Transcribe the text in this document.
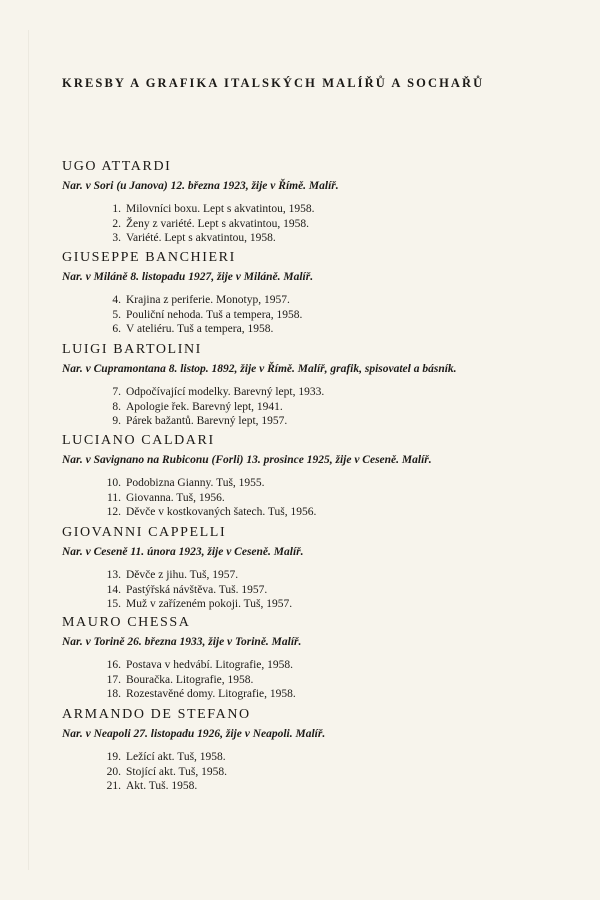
KRESBY A GRAFIKA ITALSKÝCH MALÍŘŮ A SOCHAŘŮ
UGO ATTARDI
Nar. v Sori (u Janova) 12. března 1923, žije v Římě. Malíř.
1. Milovníci boxu. Lept s akvatintou, 1958.
2. Ženy z variété. Lept s akvatintou, 1958.
3. Variété. Lept s akvatintou, 1958.
GIUSEPPE BANCHIERI
Nar. v Miláně 8. listopadu 1927, žije v Miláně. Malíř.
4. Krajina z periferie. Monotyp, 1957.
5. Pouliční nehoda. Tuš a tempera, 1958.
6. V ateliéru. Tuš a tempera, 1958.
LUIGI BARTOLINI
Nar. v Cupramontana 8. listop. 1892, žije v Římě. Malíř, grafik, spisovatel a básník.
7. Odpočívající modelky. Barevný lept, 1933.
8. Apologie řek. Barevný lept, 1941.
9. Párek bažantů. Barevný lept, 1957.
LUCIANO CALDARI
Nar. v Savignano na Rubiconu (Forli) 13. prosince 1925, žije v Ceseně. Malíř.
10. Podobizna Gianny. Tuš, 1955.
11. Giovanna. Tuš, 1956.
12. Děvče v kostkovaných šatech. Tuš, 1956.
GIOVANNI CAPPELLI
Nar. v Ceseně 11. února 1923, žije v Ceseně. Malíř.
13. Děvče z jihu. Tuš, 1957.
14. Pastýřská návštěva. Tuš. 1957.
15. Muž v zařízeném pokoji. Tuš, 1957.
MAURO CHESSA
Nar. v Torině 26. března 1933, žije v Torině. Malíř.
16. Postava v hedvábí. Litografie, 1958.
17. Bouračka. Litografie, 1958.
18. Rozestavěné domy. Litografie, 1958.
ARMANDO DE STEFANO
Nar. v Neapoli 27. listopadu 1926, žije v Neapoli. Malíř.
19. Ležící akt. Tuš, 1958.
20. Stojící akt. Tuš, 1958.
21. Akt. Tuš. 1958.
